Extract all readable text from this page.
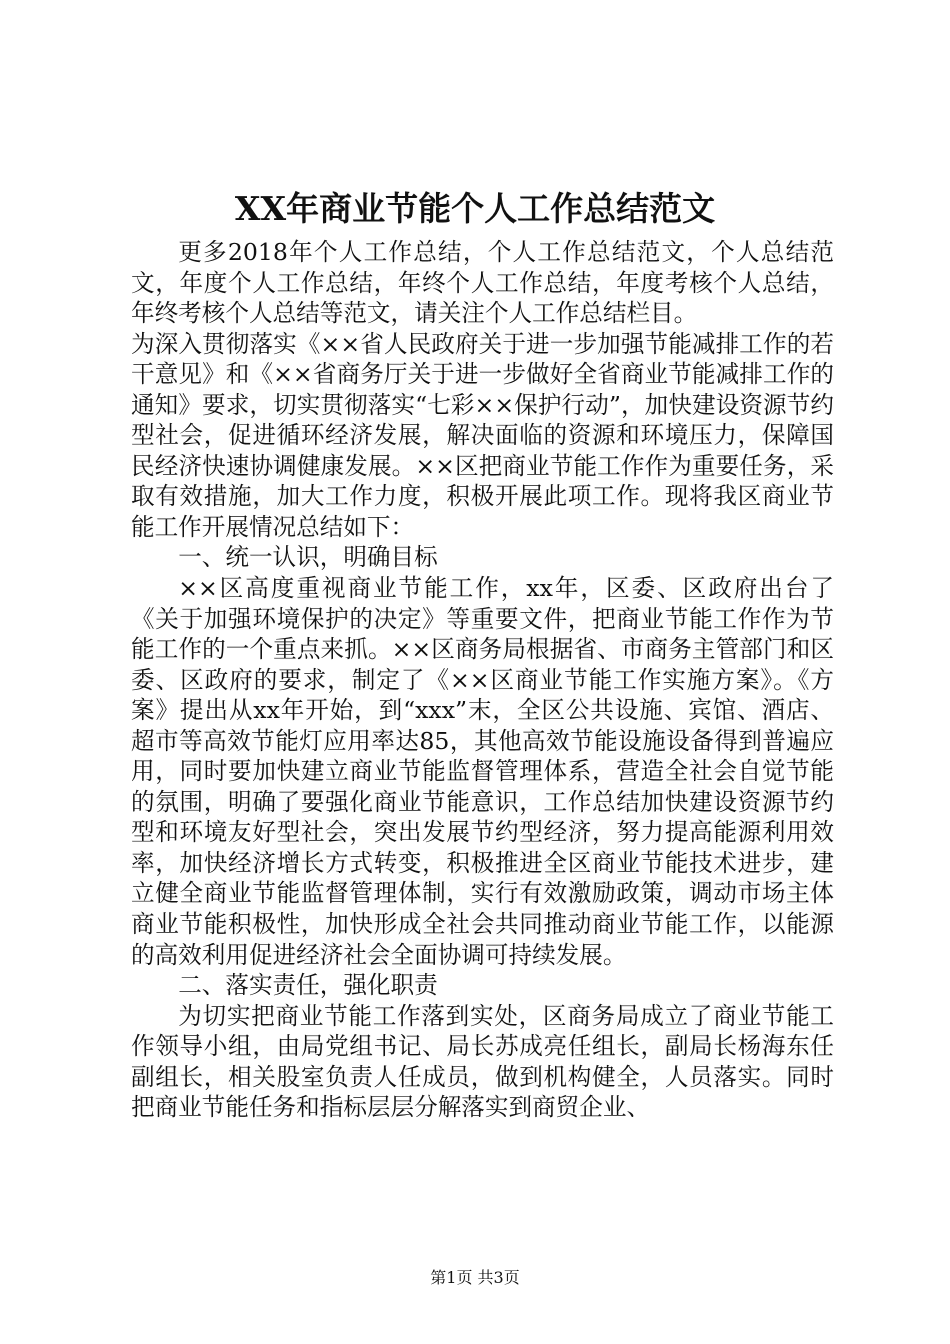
XX年商业节能个人工作总结范文

更多2018年个人工作总结，个人工作总结范文，个人总结范文，年度个人工作总结，年终个人工作总结，年度考核个人总结，年终考核个人总结等范文，请关注个人工作总结栏目。

为深入贯彻落实《××省人民政府关于进一步加强节能减排工作的若干意见》和《××省商务厅关于进一步做好全省商业节能减排工作的通知》要求，切实贯彻落实“七彩××保护行动”，加快建设资源节约型社会，促进循环经济发展，解决面临的资源和环境压力，保障国民经济快速协调健康发展。××区把商业节能工作作为重要任务，采取有效措施，加大工作力度，积极开展此项工作。现将我区商业节能工作开展情况总结如下：

一、统一认识，明确目标

××区高度重视商业节能工作，xx年，区委、区政府出台了《关于加强环境保护的决定》等重要文件，把商业节能工作作为节能工作的一个重点来抓。××区商务局根据省、市商务主管部门和区委、区政府的要求，制定了《××区商业节能工作实施方案》。《方案》提出从xx年开始，到“xxx”末，全区公共设施、宾馆、酒店、超市等高效节能灯应用率达85，其他高效节能设施设备得到普遍应用，同时要加快建立商业节能监督管理体系，营造全社会自觉节能的氛围，明确了要强化商业节能意识，工作总结加快建设资源节约型和环境友好型社会，突出发展节约型经济，努力提高能源利用效率，加快经济增长方式转变，积极推进全区商业节能技术进步，建立健全商业节能监督管理体制，实行有效激励政策，调动市场主体商业节能积极性，加快形成全社会共同推动商业节能工作，以能源的高效利用促进经济社会全面协调可持续发展。

二、落实责任，强化职责

为切实把商业节能工作落到实处，区商务局成立了商业节能工作领导小组，由局党组书记、局长苏成亮任组长，副局长杨海东任副组长，相关股室负责人任成员，做到机构健全，人员落实。同时把商业节能任务和指标层层分解落实到商贸企业、

第1页 共3页
